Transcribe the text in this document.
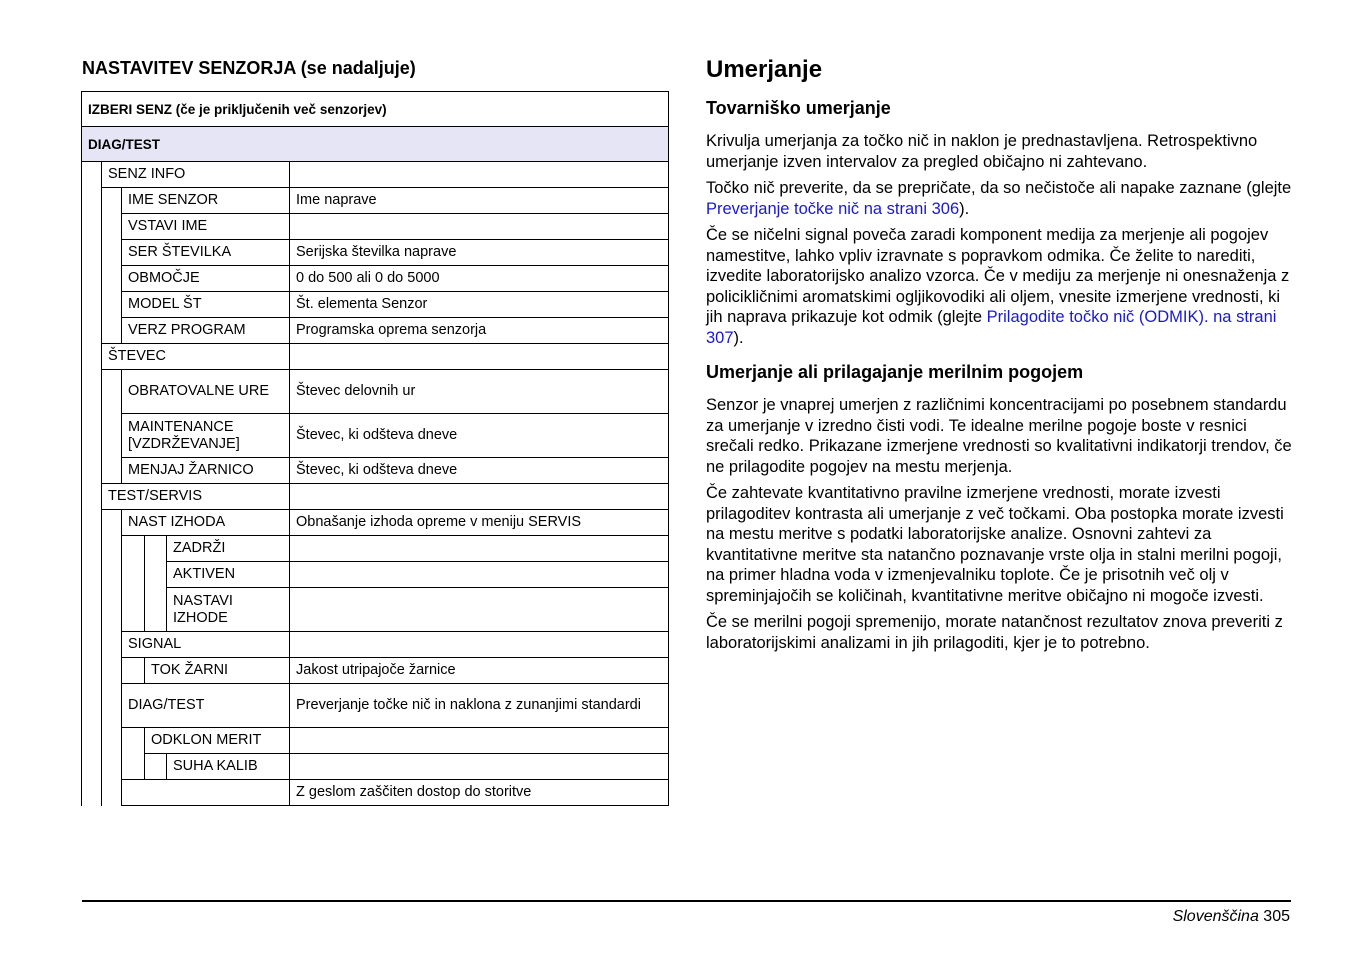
NASTAVITEV SENZORJA (se nadaljuje)
IZBERI SENZ (če je priključenih več senzorjev)					
DIAG/TEST					
	SENZ INFO				
		IME SENZOR			Ime naprave
		VSTAVI IME			
		SER ŠTEVILKA			Serijska številka naprave
		OBMOČJE			0 do 500 ali 0 do 5000
		MODEL ŠT			Št. elementa Senzor
		VERZ PROGRAM			Programska oprema senzorja
	ŠTEVEC				
		OBRATOVALNE URE			Števec delovnih ur
		MAINTENANCE [VZDRŽEVANJE]			Števec, ki odšteva dneve
		MENJAJ ŽARNICO			Števec, ki odšteva dneve
	TEST/SERVIS				
		NAST IZHODA			Obnašanje izhoda opreme v meniju SERVIS
				ZADRŽI	
				AKTIVEN	
				NASTAVI IZHODE	
		SIGNAL			
			TOK ŽARNI		Jakost utripajoče žarnice
		DIAG/TEST			Preverjanje točke nič in naklona z zunanjimi standardi
			ODKLON MERIT		
				SUHA KALIB	
					Z geslom zaščiten dostop do storitve
Umerjanje
Tovarniško umerjanje

Krivulja umerjanja za točko nič in naklon je prednastavljena. Retrospektivno umerjanje izven intervalov za pregled običajno ni zahtevano.

Točko nič preverite, da se prepričate, da so nečistoče ali napake zaznane (glejte Preverjanje točke nič na strani 306).

Če se ničelni signal poveča zaradi komponent medija za merjenje ali pogojev namestitve, lahko vpliv izravnate s popravkom odmika. Če želite to narediti, izvedite laboratorijsko analizo vzorca. Če v mediju za merjenje ni onesnaženja z policikličnimi aromatskimi ogljikovodiki ali oljem, vnesite izmerjene vrednosti, ki jih naprava prikazuje kot odmik (glejte Prilagodite točko nič (ODMIK). na strani 307).

Umerjanje ali prilagajanje merilnim pogojem

Senzor je vnaprej umerjen z različnimi koncentracijami po posebnem standardu za umerjanje v izredno čisti vodi. Te idealne merilne pogoje boste v resnici srečali redko. Prikazane izmerjene vrednosti so kvalitativni indikatorji trendov, če ne prilagodite pogojev na mestu merjenja.

Če zahtevate kvantitativno pravilne izmerjene vrednosti, morate izvesti prilagoditev kontrasta ali umerjanje z več točkami. Oba postopka morate izvesti na mestu meritve s podatki laboratorijske analize. Osnovni zahtevi za kvantitativne meritve sta natančno poznavanje vrste olja in stalni merilni pogoji, na primer hladna voda v izmenjevalniku toplote. Če je prisotnih več olj v spreminjajočih se količinah, kvantitativne meritve običajno ni mogoče izvesti.

Če se merilni pogoji spremenijo, morate natančnost rezultatov znova preveriti z laboratorijskimi analizami in jih prilagoditi, kjer je to potrebno.

Slovenščina 305
